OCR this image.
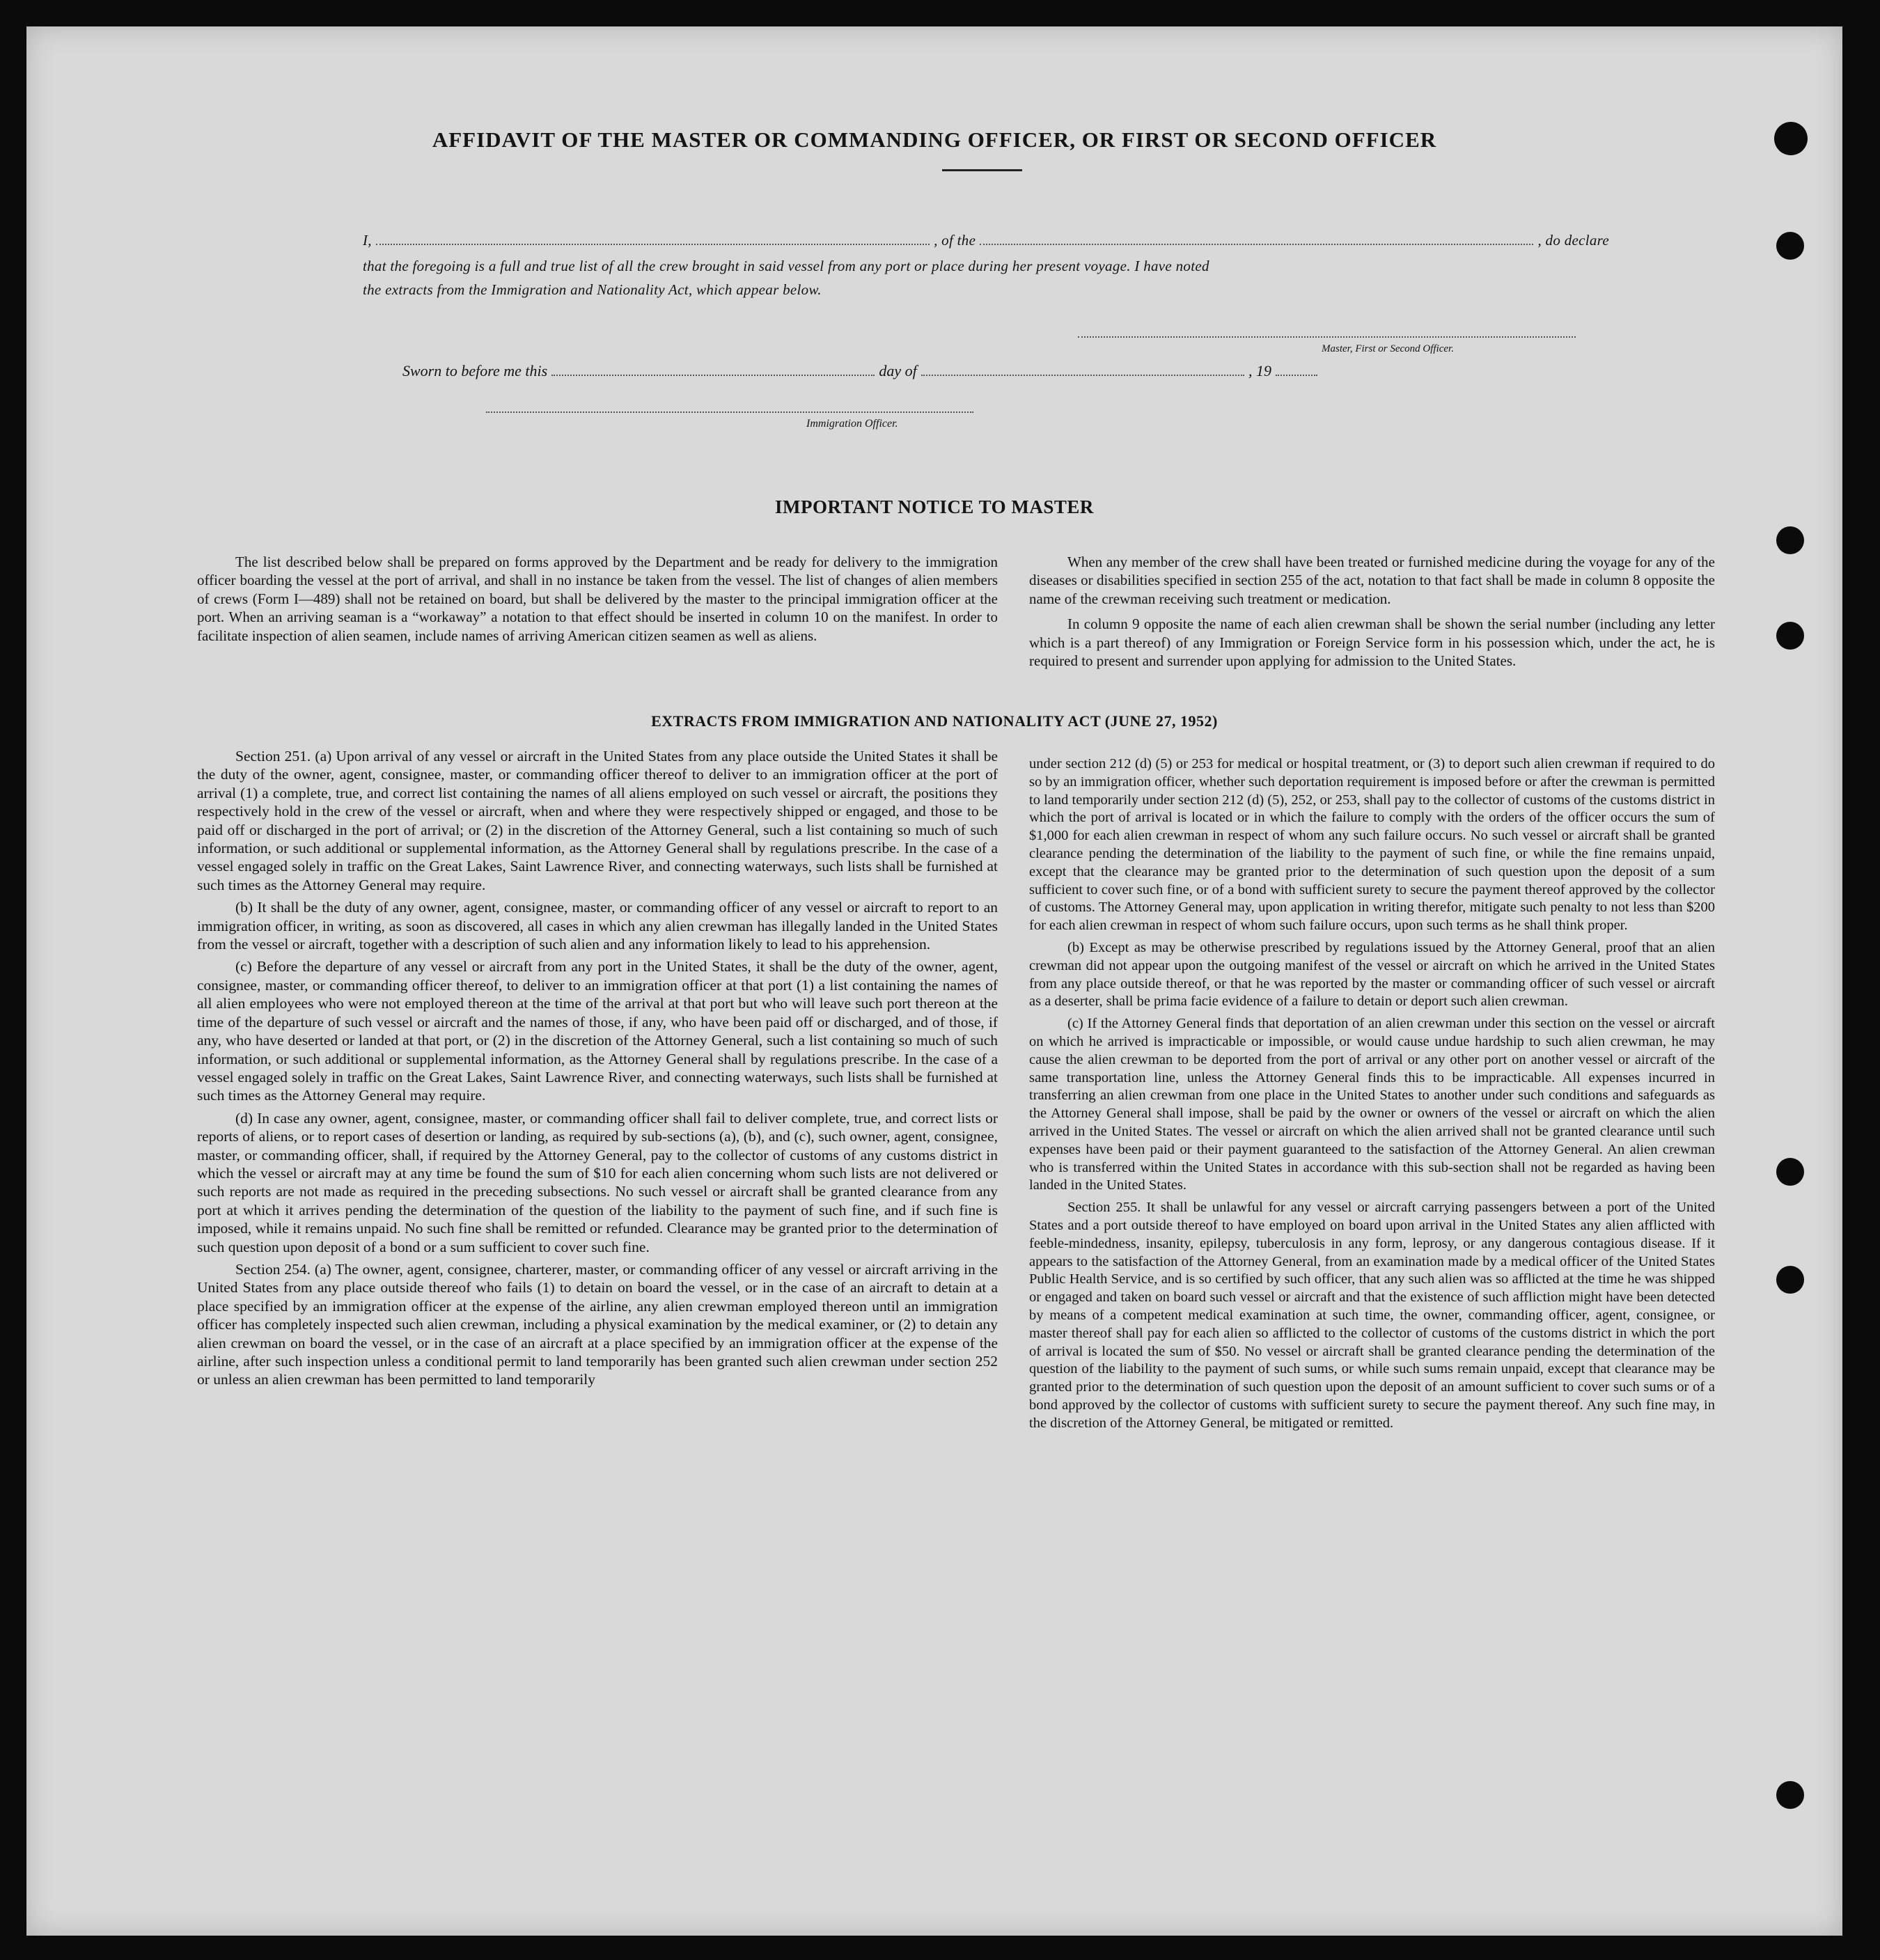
AFFIDAVIT OF THE MASTER OR COMMANDING OFFICER, OR FIRST OR SECOND OFFICER
I,	, of the	, do declare
that the foregoing is a full and true list of all the crew brought in said vessel from any port or place during her present voyage. I have noted
the extracts from the Immigration and Nationality Act, which appear below.
Master, First or Second Officer.
Sworn to before me this	day of	, 19
Immigration Officer.
IMPORTANT NOTICE TO MASTER

The list described below shall be prepared on forms approved by the Department and be ready for delivery to the immigration officer boarding the vessel at the port of arrival, and shall in no instance be taken from the vessel. The list of changes of alien members of crews (Form I—489) shall not be retained on board, but shall be delivered by the master to the principal immigration officer at the port. When an arriving seaman is a “workaway” a notation to that effect should be inserted in column 10 on the manifest. In order to facilitate inspection of alien seamen, include names of arriving American citizen seamen as well as aliens.

When any member of the crew shall have been treated or furnished medicine during the voyage for any of the diseases or disabilities specified in section 255 of the act, notation to that fact shall be made in column 8 opposite the name of the crewman receiving such treatment or medication.

In column 9 opposite the name of each alien crewman shall be shown the serial number (including any letter which is a part thereof) of any Immigration or Foreign Service form in his possession which, under the act, he is required to present and surrender upon applying for admission to the United States.

EXTRACTS FROM IMMIGRATION AND NATIONALITY ACT (JUNE 27, 1952)

Section 251. (a) Upon arrival of any vessel or aircraft in the United States from any place outside the United States it shall be the duty of the owner, agent, consignee, master, or commanding officer thereof to deliver to an immigration officer at the port of arrival (1) a complete, true, and correct list containing the names of all aliens employed on such vessel or aircraft, the positions they respectively hold in the crew of the vessel or aircraft, when and where they were respectively shipped or engaged, and those to be paid off or discharged in the port of arrival; or (2) in the discretion of the Attorney General, such a list containing so much of such information, or such additional or supplemental information, as the Attorney General shall by regulations prescribe. In the case of a vessel engaged solely in traffic on the Great Lakes, Saint Lawrence River, and connecting waterways, such lists shall be furnished at such times as the Attorney General may require.

(b) It shall be the duty of any owner, agent, consignee, master, or commanding officer of any vessel or aircraft to report to an immigration officer, in writing, as soon as discovered, all cases in which any alien crewman has illegally landed in the United States from the vessel or aircraft, together with a description of such alien and any information likely to lead to his apprehension.

(c) Before the departure of any vessel or aircraft from any port in the United States, it shall be the duty of the owner, agent, consignee, master, or commanding officer thereof, to deliver to an immigration officer at that port (1) a list containing the names of all alien employees who were not employed thereon at the time of the arrival at that port but who will leave such port thereon at the time of the departure of such vessel or aircraft and the names of those, if any, who have been paid off or discharged, and of those, if any, who have deserted or landed at that port, or (2) in the discretion of the Attorney General, such a list containing so much of such information, or such additional or supplemental information, as the Attorney General shall by regulations prescribe. In the case of a vessel engaged solely in traffic on the Great Lakes, Saint Lawrence River, and connecting waterways, such lists shall be furnished at such times as the Attorney General may require.

(d) In case any owner, agent, consignee, master, or commanding officer shall fail to deliver complete, true, and correct lists or reports of aliens, or to report cases of desertion or landing, as required by sub-sections (a), (b), and (c), such owner, agent, consignee, master, or commanding officer, shall, if required by the Attorney General, pay to the collector of customs of any customs district in which the vessel or aircraft may at any time be found the sum of $10 for each alien concerning whom such lists are not delivered or such reports are not made as required in the preceding subsections. No such vessel or aircraft shall be granted clearance from any port at which it arrives pending the determination of the question of the liability to the payment of such fine, and if such fine is imposed, while it remains unpaid. No such fine shall be remitted or refunded. Clearance may be granted prior to the determination of such question upon deposit of a bond or a sum sufficient to cover such fine.

Section 254. (a) The owner, agent, consignee, charterer, master, or commanding officer of any vessel or aircraft arriving in the United States from any place outside thereof who fails (1) to detain on board the vessel, or in the case of an aircraft to detain at a place specified by an immigration officer at the expense of the airline, any alien crewman employed thereon until an immigration officer has completely inspected such alien crewman, including a physical examination by the medical examiner, or (2) to detain any alien crewman on board the vessel, or in the case of an aircraft at a place specified by an immigration officer at the expense of the airline, after such inspection unless a conditional permit to land temporarily has been granted such alien crewman under section 252 or unless an alien crewman has been permitted to land temporarily

under section 212 (d) (5) or 253 for medical or hospital treatment, or (3) to deport such alien crewman if required to do so by an immigration officer, whether such deportation requirement is imposed before or after the crewman is permitted to land temporarily under section 212 (d) (5), 252, or 253, shall pay to the collector of customs of the customs district in which the port of arrival is located or in which the failure to comply with the orders of the officer occurs the sum of $1,000 for each alien crewman in respect of whom any such failure occurs. No such vessel or aircraft shall be granted clearance pending the determination of the liability to the payment of such fine, or while the fine remains unpaid, except that the clearance may be granted prior to the determination of such question upon the deposit of a sum sufficient to cover such fine, or of a bond with sufficient surety to secure the payment thereof approved by the collector of customs. The Attorney General may, upon application in writing therefor, mitigate such penalty to not less than $200 for each alien crewman in respect of whom such failure occurs, upon such terms as he shall think proper.

(b) Except as may be otherwise prescribed by regulations issued by the Attorney General, proof that an alien crewman did not appear upon the outgoing manifest of the vessel or aircraft on which he arrived in the United States from any place outside thereof, or that he was reported by the master or commanding officer of such vessel or aircraft as a deserter, shall be prima facie evidence of a failure to detain or deport such alien crewman.

(c) If the Attorney General finds that deportation of an alien crewman under this section on the vessel or aircraft on which he arrived is impracticable or impossible, or would cause undue hardship to such alien crewman, he may cause the alien crewman to be deported from the port of arrival or any other port on another vessel or aircraft of the same transportation line, unless the Attorney General finds this to be impracticable. All expenses incurred in transferring an alien crewman from one place in the United States to another under such conditions and safeguards as the Attorney General shall impose, shall be paid by the owner or owners of the vessel or aircraft on which the alien arrived in the United States. The vessel or aircraft on which the alien arrived shall not be granted clearance until such expenses have been paid or their payment guaranteed to the satisfaction of the Attorney General. An alien crewman who is transferred within the United States in accordance with this sub-section shall not be regarded as having been landed in the United States.

Section 255. It shall be unlawful for any vessel or aircraft carrying passengers between a port of the United States and a port outside thereof to have employed on board upon arrival in the United States any alien afflicted with feeble-mindedness, insanity, epilepsy, tuberculosis in any form, leprosy, or any dangerous contagious disease. If it appears to the satisfaction of the Attorney General, from an examination made by a medical officer of the United States Public Health Service, and is so certified by such officer, that any such alien was so afflicted at the time he was shipped or engaged and taken on board such vessel or aircraft and that the existence of such affliction might have been detected by means of a competent medical examination at such time, the owner, commanding officer, agent, consignee, or master thereof shall pay for each alien so afflicted to the collector of customs of the customs district in which the port of arrival is located the sum of $50. No vessel or aircraft shall be granted clearance pending the determination of the question of the liability to the payment of such sums, or while such sums remain unpaid, except that clearance may be granted prior to the determination of such question upon the deposit of an amount sufficient to cover such sums or of a bond approved by the collector of customs with sufficient surety to secure the payment thereof. Any such fine may, in the discretion of the Attorney General, be mitigated or remitted.
